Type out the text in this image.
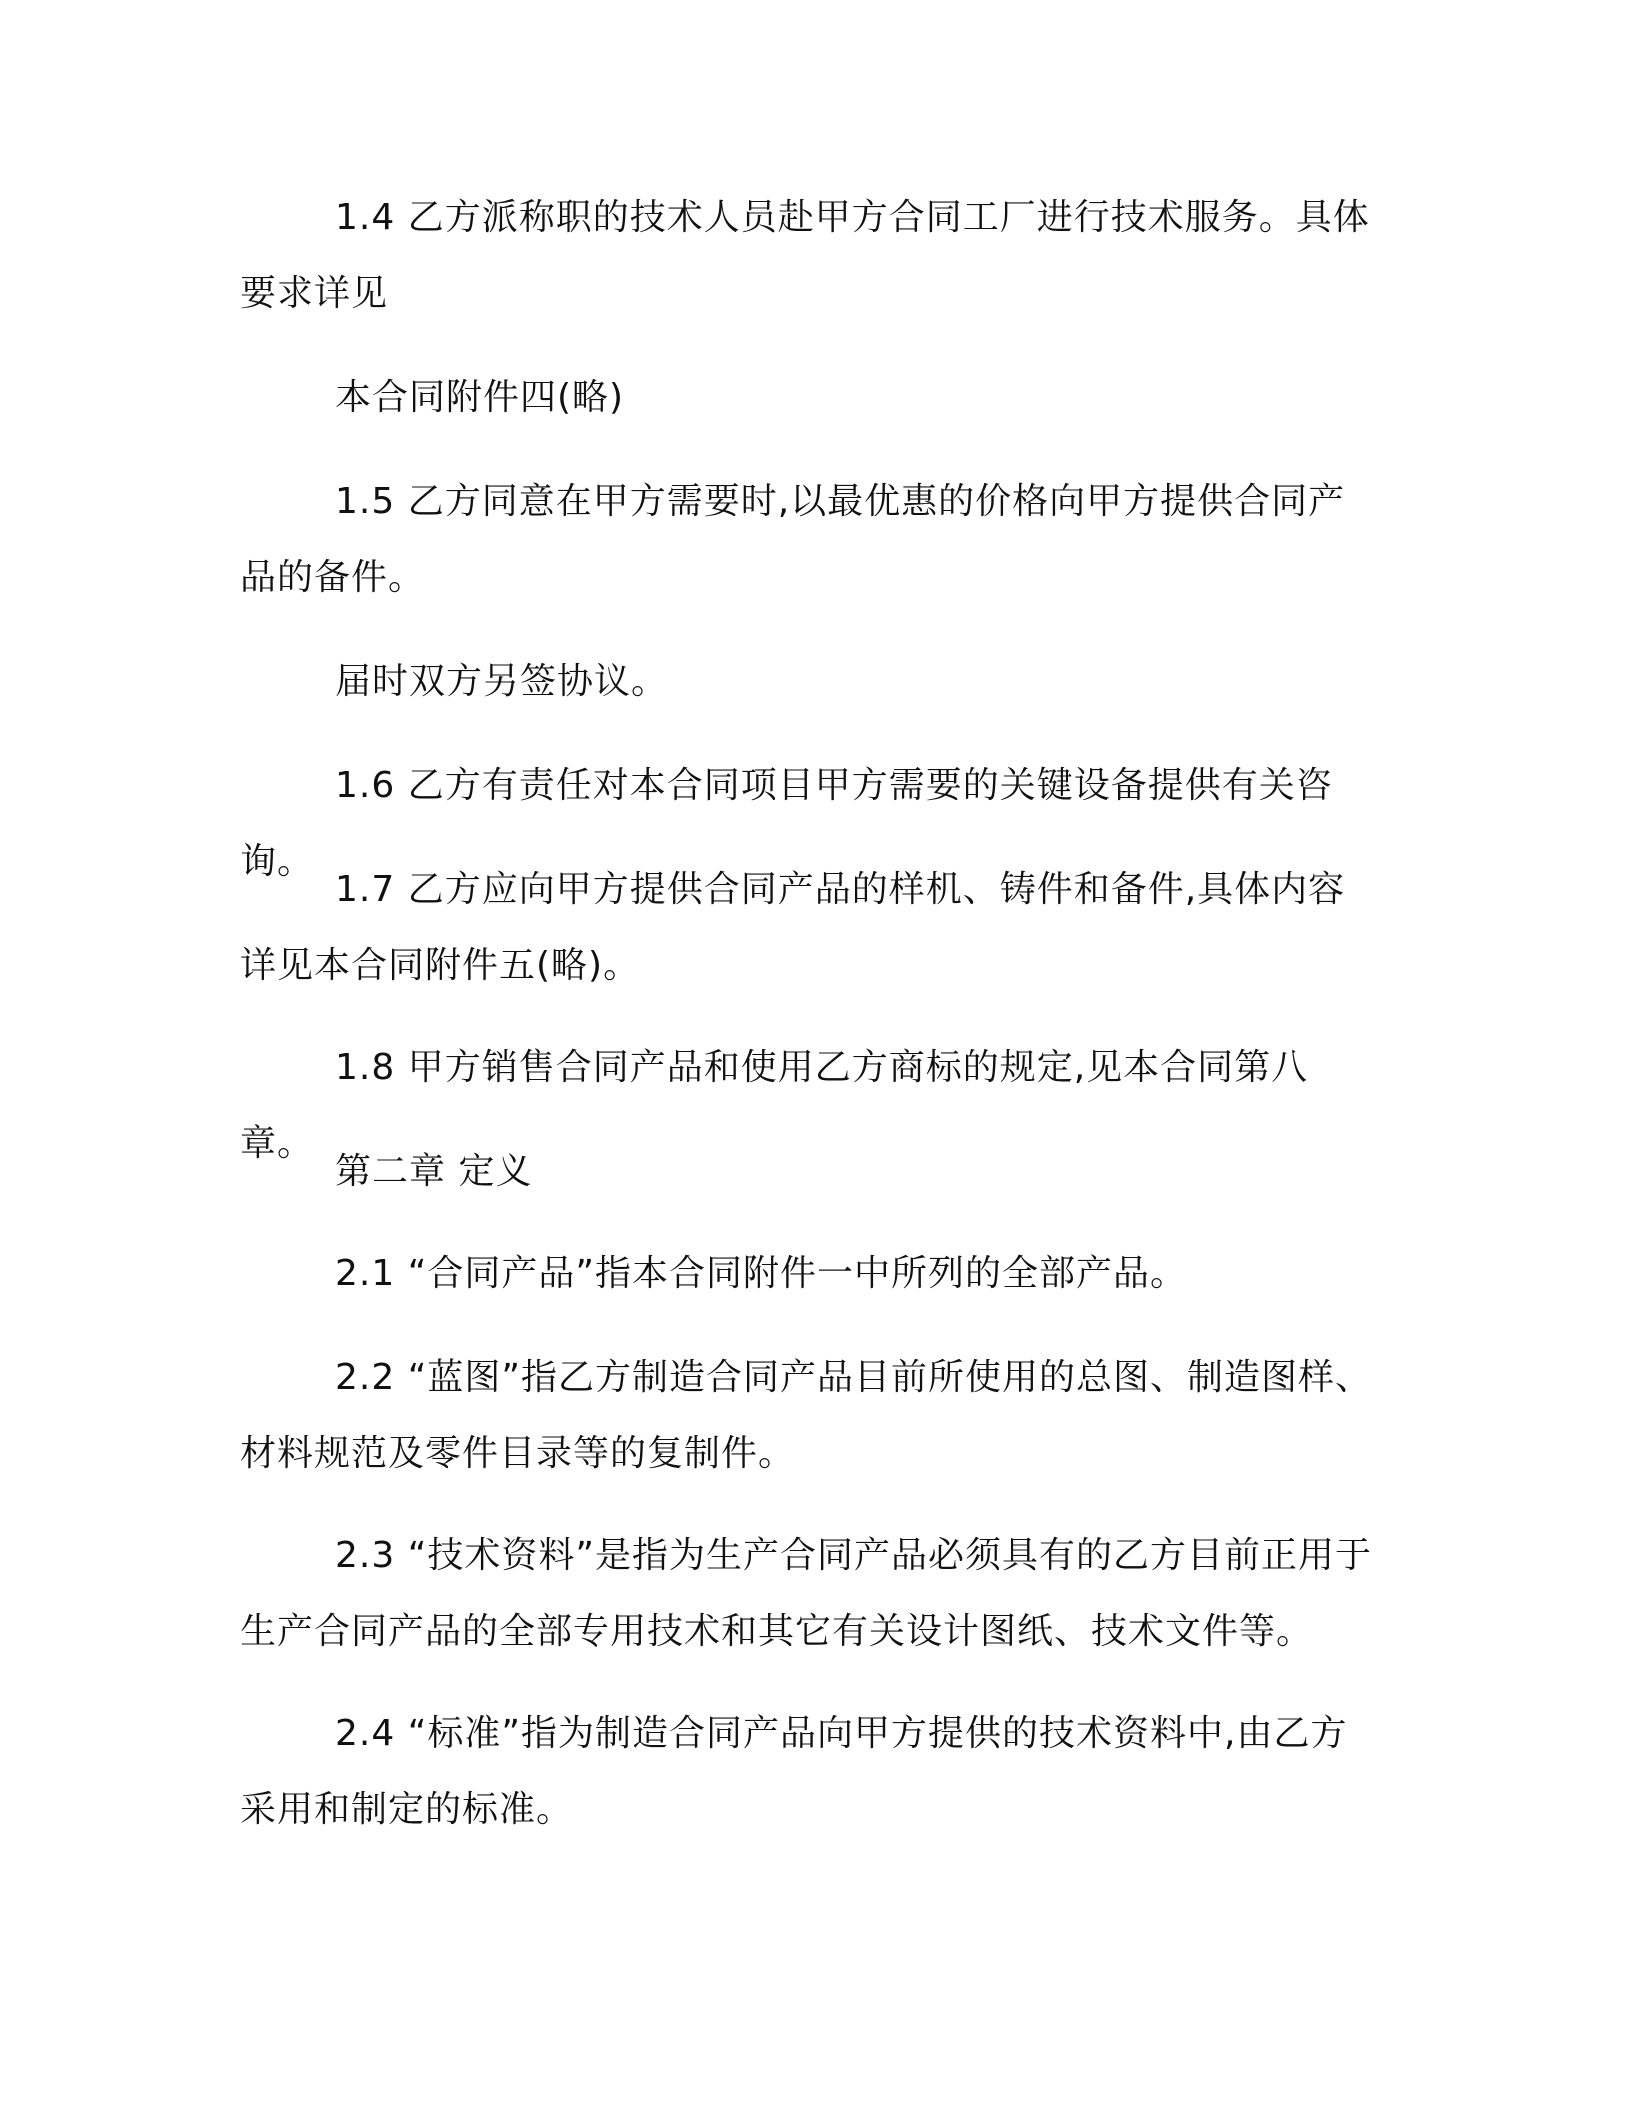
1.4 乙方派称职的技术人员赴甲方合同工厂进行技术服务。具体要求详见

本合同附件四(略)

1.5 乙方同意在甲方需要时,以最优惠的价格向甲方提供合同产品的备件。

届时双方另签协议。

1.6 乙方有责任对本合同项目甲方需要的关键设备提供有关咨询。

1.7 乙方应向甲方提供合同产品的样机、铸件和备件,具体内容详见本合同附件五(略)。

1.8 甲方销售合同产品和使用乙方商标的规定,见本合同第八章。

第二章 定义

2.1 “合同产品”指本合同附件一中所列的全部产品。

2.2 “蓝图”指乙方制造合同产品目前所使用的总图、制造图样、材料规范及零件目录等的复制件。

2.3 “技术资料”是指为生产合同产品必须具有的乙方目前正用于生产合同产品的全部专用技术和其它有关设计图纸、技术文件等。

2.4 “标准”指为制造合同产品向甲方提供的技术资料中,由乙方采用和制定的标准。
